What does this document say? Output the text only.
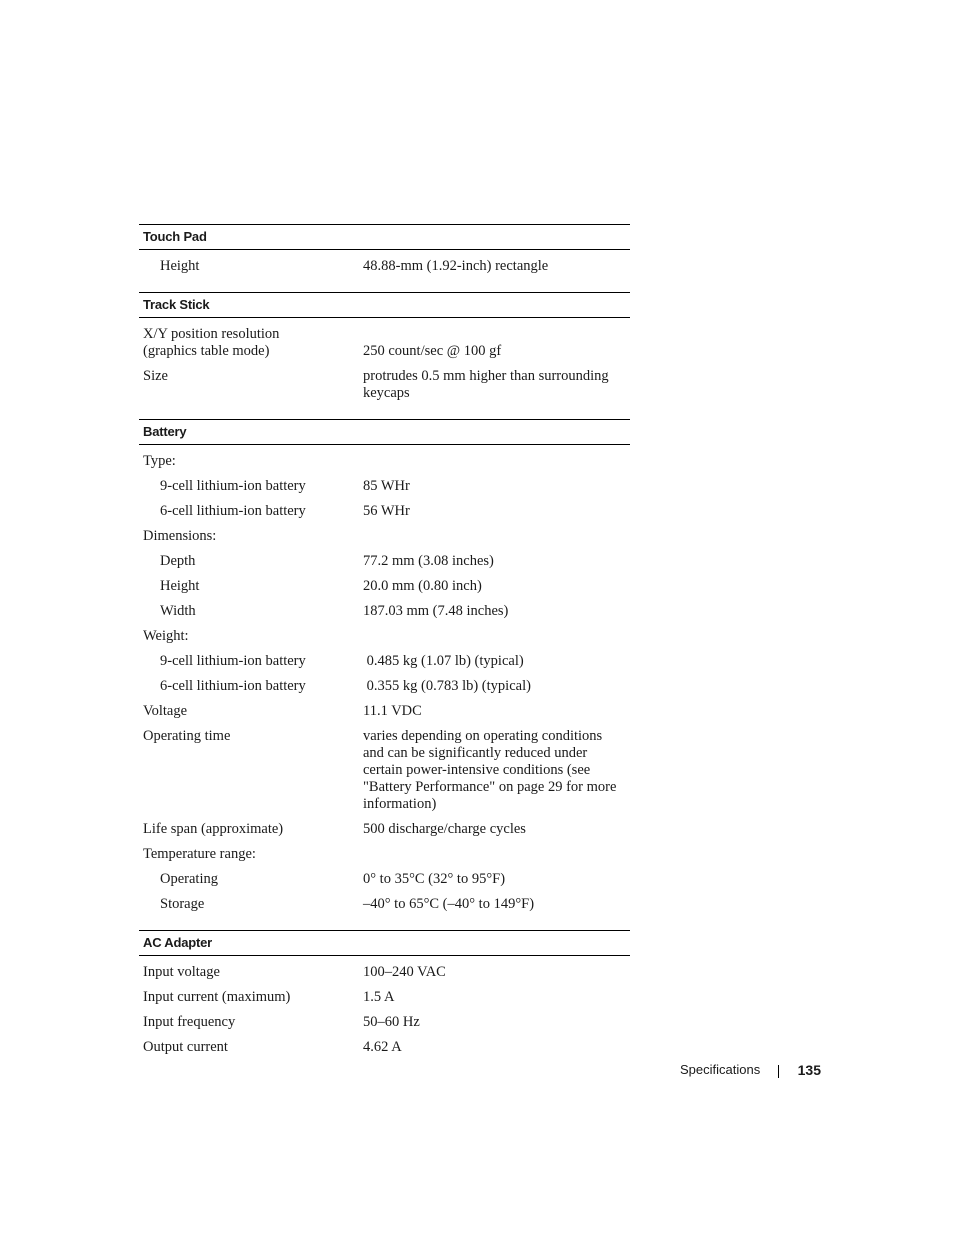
Touch Pad
Height	48.88-mm (1.92-inch) rectangle
Track Stick
X/Y position resolution
(graphics table mode)	250 count/sec @ 100 gf
Size	protrudes 0.5 mm higher than surrounding keycaps
Battery
Type:
9-cell lithium-ion battery	85 WHr
6-cell lithium-ion battery	56 WHr
Dimensions:
Depth	77.2 mm (3.08 inches)
Height	20.0 mm (0.80 inch)
Width	187.03 mm (7.48 inches)
Weight:
9-cell lithium-ion battery	0.485 kg (1.07 lb) (typical)
6-cell lithium-ion battery	0.355 kg (0.783 lb) (typical)
Voltage	11.1 VDC
Operating time	varies depending on operating conditions and can be significantly reduced under certain power-intensive conditions (see "Battery Performance" on page 29 for more information)
Life span (approximate)	500 discharge/charge cycles
Temperature range:
Operating	0° to 35°C (32° to 95°F)
Storage	–40° to 65°C (–40° to 149°F)
AC Adapter
Input voltage	100–240 VAC
Input current (maximum)	1.5 A
Input frequency	50–60 Hz
Output current	4.62 A
Specifications	135
